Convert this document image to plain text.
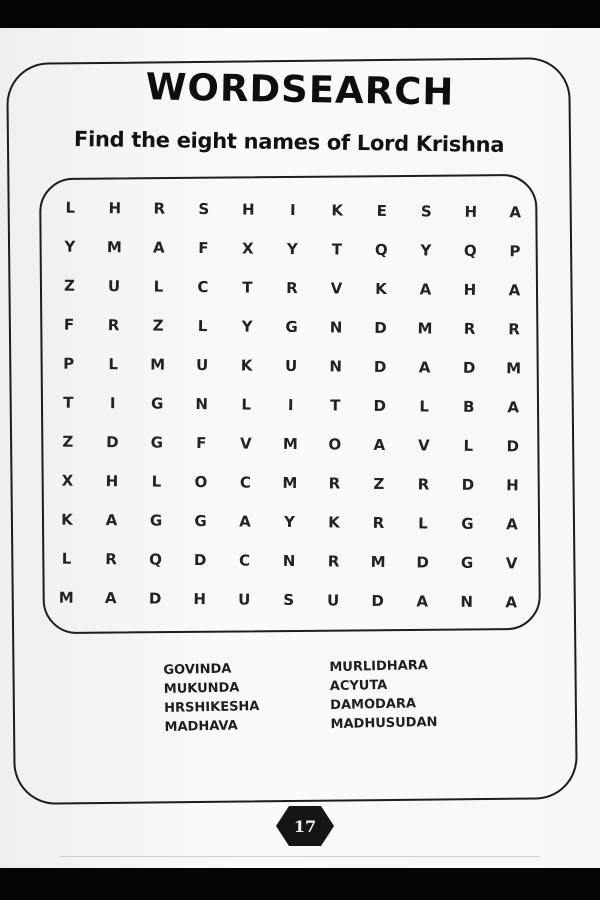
WORDSEARCH
Find the eight names of Lord Krishna
L	H	R	S	H	I	K	E	S	H	A
Y	M	A	F	X	Y	T	Q	Y	Q	P
Z	U	L	C	T	R	V	K	A	H	A
F	R	Z	L	Y	G	N	D	M	R	R
P	L	M	U	K	U	N	D	A	D	M
T	I	G	N	L	I	T	D	L	B	A
Z	D	G	F	V	M	O	A	V	L	D
X	H	L	O	C	M	R	Z	R	D	H
K	A	G	G	A	Y	K	R	L	G	A
L	R	Q	D	C	N	R	M	D	G	V
M	A	D	H	U	S	U	D	A	N	A
GOVINDA
MUKUNDA
HRSHIKESHA
MADHAVA
MURLIDHARA
ACYUTA
DAMODARA
MADHUSUDAN
17
